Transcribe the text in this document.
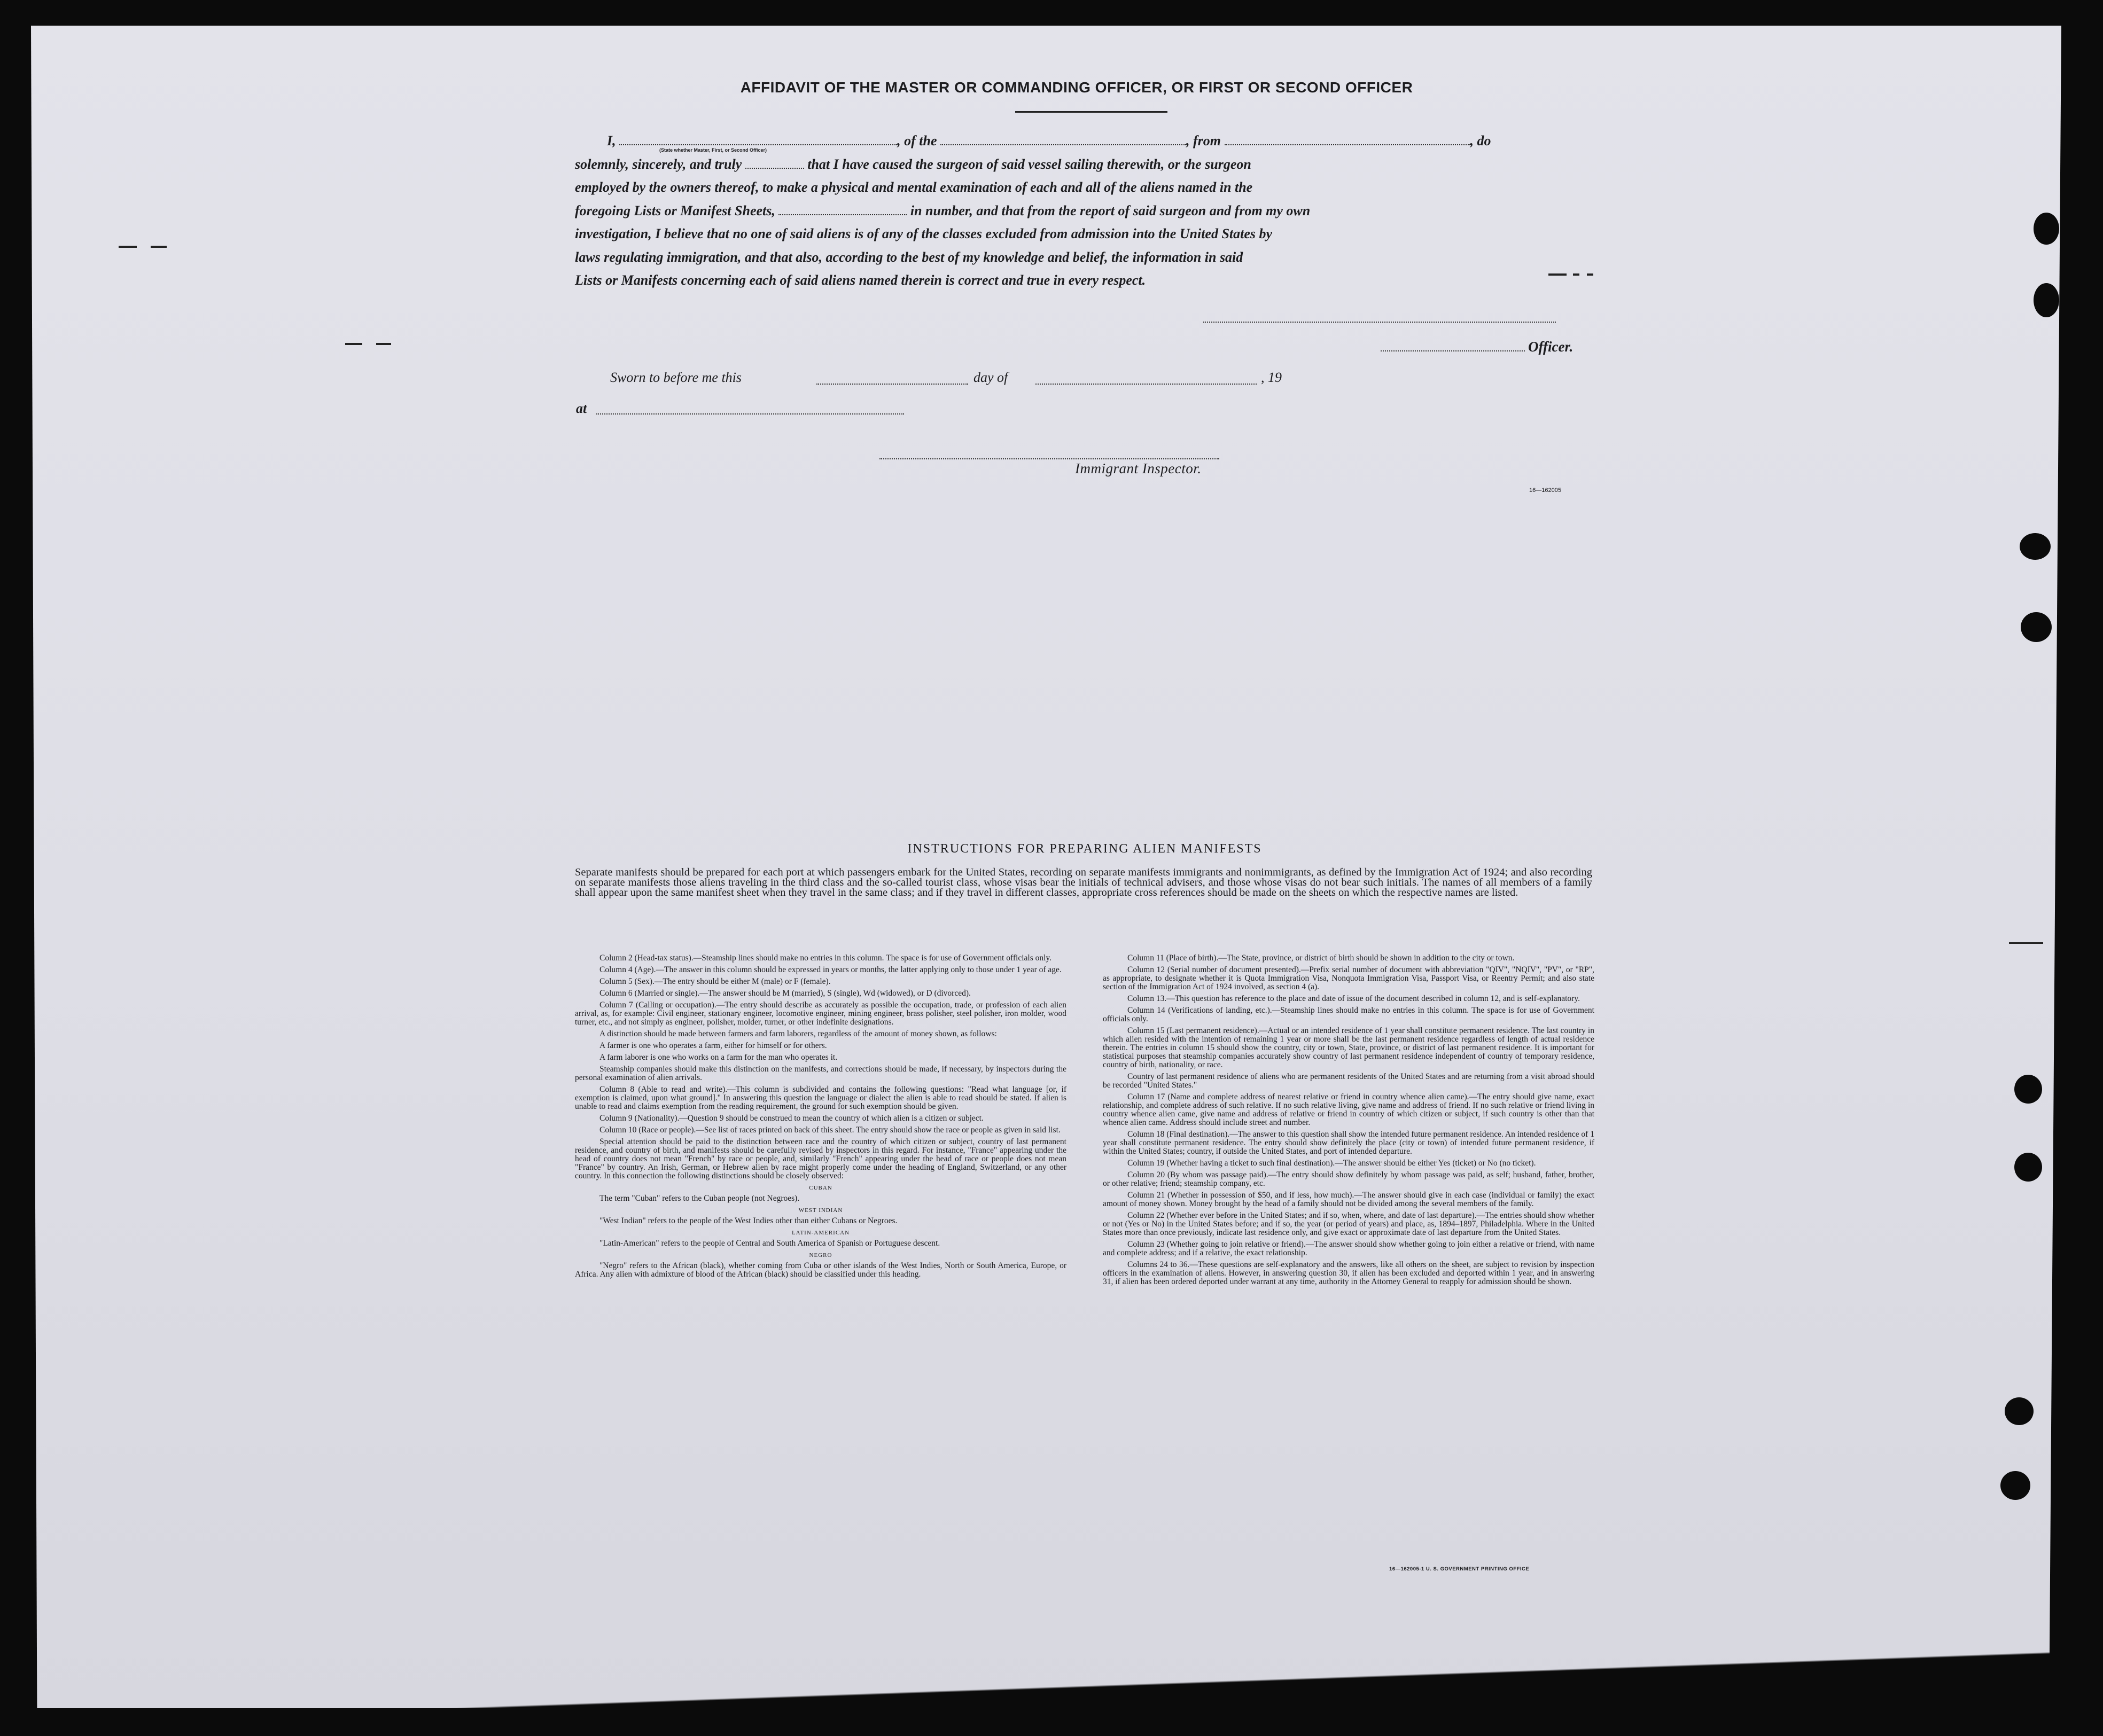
AFFIDAVIT OF THE MASTER OR COMMANDING OFFICER, OR FIRST OR SECOND OFFICER
I,	, of the	, from	, do
solemnly, sincerely, and truly	that I have caused the surgeon of said vessel sailing therewith, or the surgeon
employed by the owners thereof, to make a physical and mental examination of each and all of the aliens named in the
foregoing Lists or Manifest Sheets,	in number, and that from the report of said surgeon and from my own
investigation, I believe that no one of said aliens is of any of the classes excluded from admission into the United States by
laws regulating immigration, and that also, according to the best of my knowledge and belief, the information in said
Lists or Manifests concerning each of said aliens named therein is correct and true in every respect.
(State whether Master, First, or Second Officer)
Officer.
Sworn to before me this	day of	, 19
at
Immigrant Inspector.
16—162005
INSTRUCTIONS FOR PREPARING ALIEN MANIFESTS
Separate manifests should be prepared for each port at which passengers embark for the United States, recording on separate manifests immigrants and nonimmigrants, as defined by the Immigration Act of 1924; and also recording on separate manifests those aliens traveling in the third class and the so-called tourist class, whose visas bear the initials of technical advisers, and those whose visas do not bear such initials. The names of all members of a family shall appear upon the same manifest sheet when they travel in the same class; and if they travel in different classes, appropriate cross references should be made on the sheets on which the respective names are listed.

Column 2 (Head-tax status).—Steamship lines should make no entries in this column. The space is for use of Government officials only.

Column 4 (Age).—The answer in this column should be expressed in years or months, the latter applying only to those under 1 year of age.

Column 5 (Sex).—The entry should be either M (male) or F (female).

Column 6 (Married or single).—The answer should be M (married), S (single), Wd (widowed), or D (divorced).

Column 7 (Calling or occupation).—The entry should describe as accurately as possible the occupation, trade, or profession of each alien arrival, as, for example: Civil engineer, stationary engineer, locomotive engineer, mining engineer, brass polisher, steel polisher, iron molder, wood turner, etc., and not simply as engineer, polisher, molder, turner, or other indefinite designations.

A distinction should be made between farmers and farm laborers, regardless of the amount of money shown, as follows:

A farmer is one who operates a farm, either for himself or for others.

A farm laborer is one who works on a farm for the man who operates it.

Steamship companies should make this distinction on the manifests, and corrections should be made, if necessary, by inspectors during the personal examination of alien arrivals.

Column 8 (Able to read and write).—This column is subdivided and contains the following questions: "Read what language [or, if exemption is claimed, upon what ground]." In answering this question the language or dialect the alien is able to read should be stated. If alien is unable to read and claims exemption from the reading requirement, the ground for such exemption should be given.

Column 9 (Nationality).—Question 9 should be construed to mean the country of which alien is a citizen or subject.

Column 10 (Race or people).—See list of races printed on back of this sheet. The entry should show the race or people as given in said list.

Special attention should be paid to the distinction between race and the country of which citizen or subject, country of last permanent residence, and country of birth, and manifests should be carefully revised by inspectors in this regard. For instance, "France" appearing under the head of country does not mean "French" by race or people, and, similarly "French" appearing under the head of race or people does not mean "France" by country. An Irish, German, or Hebrew alien by race might properly come under the heading of England, Switzerland, or any other country. In this connection the following distinctions should be closely observed:

CUBAN

The term "Cuban" refers to the Cuban people (not Negroes).

WEST INDIAN

"West Indian" refers to the people of the West Indies other than either Cubans or Negroes.

LATIN-AMERICAN

"Latin-American" refers to the people of Central and South America of Spanish or Portuguese descent.

NEGRO

"Negro" refers to the African (black), whether coming from Cuba or other islands of the West Indies, North or South America, Europe, or Africa. Any alien with admixture of blood of the African (black) should be classified under this heading.

Column 11 (Place of birth).—The State, province, or district of birth should be shown in addition to the city or town.

Column 12 (Serial number of document presented).—Prefix serial number of document with abbreviation "QIV", "NQIV", "PV", or "RP", as appropriate, to designate whether it is Quota Immigration Visa, Nonquota Immigration Visa, Passport Visa, or Reentry Permit; and also state section of the Immigration Act of 1924 involved, as section 4 (a).

Column 13.—This question has reference to the place and date of issue of the document described in column 12, and is self-explanatory.

Column 14 (Verifications of landing, etc.).—Steamship lines should make no entries in this column. The space is for use of Government officials only.

Column 15 (Last permanent residence).—Actual or an intended residence of 1 year shall constitute permanent residence. The last country in which alien resided with the intention of remaining 1 year or more shall be the last permanent residence regardless of length of actual residence therein. The entries in column 15 should show the country, city or town, State, province, or district of last permanent residence. It is important for statistical purposes that steamship companies accurately show country of last permanent residence independent of country of temporary residence, country of birth, nationality, or race.

Country of last permanent residence of aliens who are permanent residents of the United States and are returning from a visit abroad should be recorded "United States."

Column 17 (Name and complete address of nearest relative or friend in country whence alien came).—The entry should give name, exact relationship, and complete address of such relative. If no such relative living, give name and address of friend. If no such relative or friend living in country whence alien came, give name and address of relative or friend in country of which citizen or subject, if such country is other than that whence alien came. Address should include street and number.

Column 18 (Final destination).—The answer to this question shall show the intended future permanent residence. An intended residence of 1 year shall constitute permanent residence. The entry should show definitely the place (city or town) of intended future permanent residence, if within the United States; country, if outside the United States, and port of intended departure.

Column 19 (Whether having a ticket to such final destination).—The answer should be either Yes (ticket) or No (no ticket).

Column 20 (By whom was passage paid).—The entry should show definitely by whom passage was paid, as self; husband, father, brother, or other relative; friend; steamship company, etc.

Column 21 (Whether in possession of $50, and if less, how much).—The answer should give in each case (individual or family) the exact amount of money shown. Money brought by the head of a family should not be divided among the several members of the family.

Column 22 (Whether ever before in the United States; and if so, when, where, and date of last departure).—The entries should show whether or not (Yes or No) in the United States before; and if so, the year (or period of years) and place, as, 1894–1897, Philadelphia. Where in the United States more than once previously, indicate last residence only, and give exact or approximate date of last departure from the United States.

Column 23 (Whether going to join relative or friend).—The answer should show whether going to join either a relative or friend, with name and complete address; and if a relative, the exact relationship.

Columns 24 to 36.—These questions are self-explanatory and the answers, like all others on the sheet, are subject to revision by inspection officers in the examination of aliens. However, in answering question 30, if alien has been excluded and deported within 1 year, and in answering 31, if alien has been ordered deported under warrant at any time, authority in the Attorney General to reapply for admission should be shown.

16—162005-1 U. S. GOVERNMENT PRINTING OFFICE
